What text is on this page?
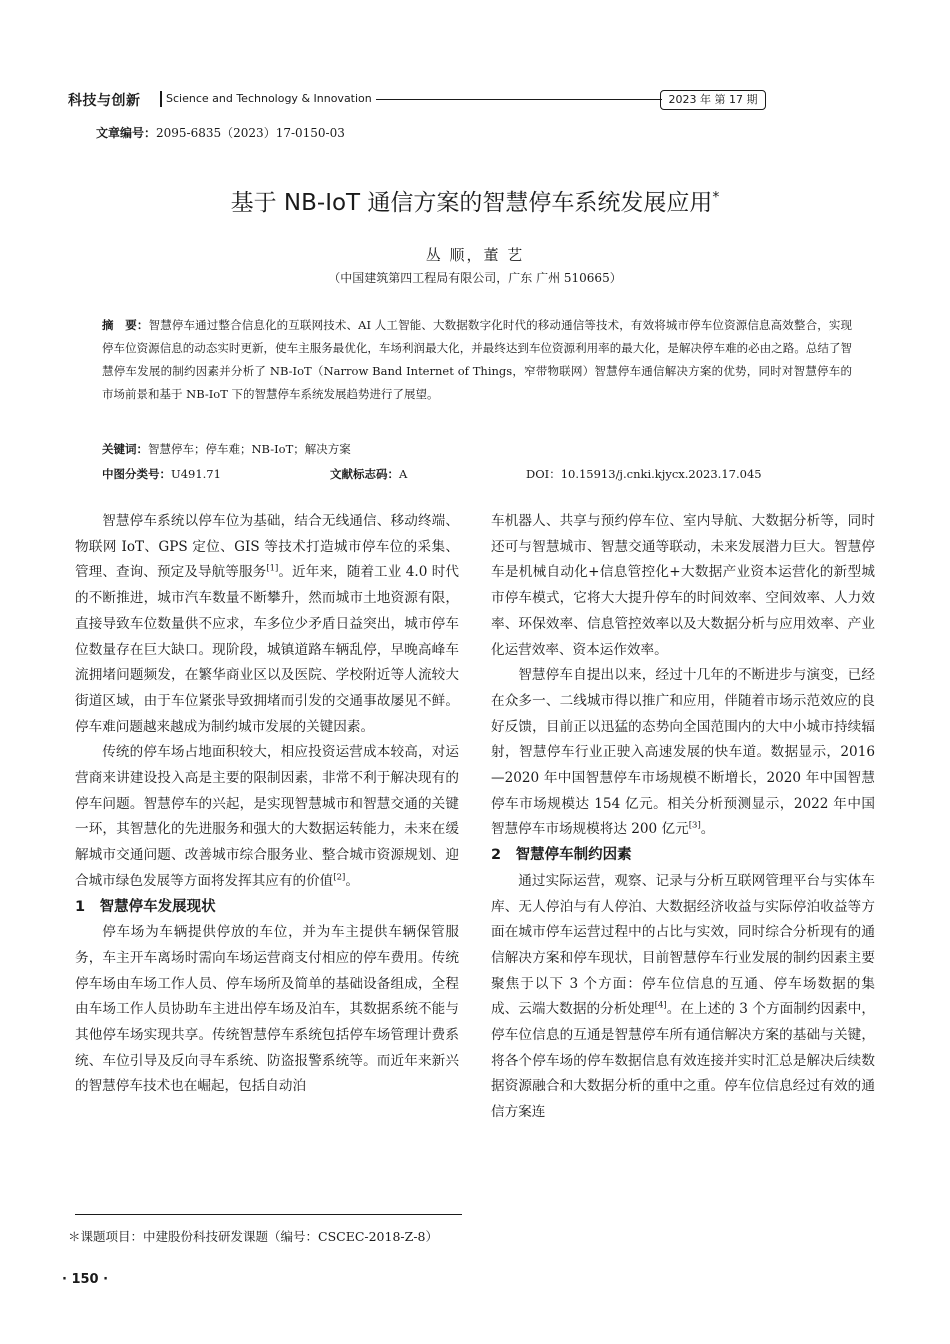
科技与创新 Science and Technology & Innovation	2023 年 第 17 期
文章编号：2095-6835（2023）17-0150-03
基于 NB-IoT 通信方案的智慧停车系统发展应用*
丛 顺，董 艺
（中国建筑第四工程局有限公司，广东 广州 510665）
摘　要：智慧停车通过整合信息化的互联网技术、AI 人工智能、大数据数字化时代的移动通信等技术，有效将城市停车位资源信息高效整合，实现停车位资源信息的动态实时更新，使车主服务最优化，车场利润最大化，并最终达到车位资源利用率的最大化，是解决停车难的必由之路。总结了智慧停车发展的制约因素并分析了 NB-IoT（Narrow Band Internet of Things，窄带物联网）智慧停车通信解决方案的优势，同时对智慧停车的市场前景和基于 NB-IoT 下的智慧停车系统发展趋势进行了展望。
关键词：智慧停车；停车难；NB-IoT；解决方案
中图分类号：U491.71	文献标志码：A	DOI：10.15913/j.cnki.kjycx.2023.17.045

智慧停车系统以停车位为基础，结合无线通信、移动终端、物联网 IoT、GPS 定位、GIS 等技术打造城市停车位的采集、管理、查询、预定及导航等服务[1]。近年来，随着工业 4.0 时代的不断推进，城市汽车数量不断攀升，然而城市土地资源有限，直接导致车位数量供不应求，车多位少矛盾日益突出，城市停车位数量存在巨大缺口。现阶段，城镇道路车辆乱停，早晚高峰车流拥堵问题频发，在繁华商业区以及医院、学校附近等人流较大街道区域，由于车位紧张导致拥堵而引发的交通事故屡见不鲜。停车难问题越来越成为制约城市发展的关键因素。

传统的停车场占地面积较大，相应投资运营成本较高，对运营商来讲建设投入高是主要的限制因素，非常不利于解决现有的停车问题。智慧停车的兴起，是实现智慧城市和智慧交通的关键一环，其智慧化的先进服务和强大的大数据运转能力，未来在缓解城市交通问题、改善城市综合服务业、整合城市资源规划、迎合城市绿色发展等方面将发挥其应有的价值[2]。

1　智慧停车发展现状

停车场为车辆提供停放的车位，并为车主提供车辆保管服务，车主开车离场时需向车场运营商支付相应的停车费用。传统停车场由车场工作人员、停车场所及简单的基础设备组成，全程由车场工作人员协助车主进出停车场及泊车，其数据系统不能与其他停车场实现共享。传统智慧停车系统包括停车场管理计费系统、车位引导及反向寻车系统、防盗报警系统等。而近年来新兴的智慧停车技术也在崛起，包括自动泊

车机器人、共享与预约停车位、室内导航、大数据分析等，同时还可与智慧城市、智慧交通等联动，未来发展潜力巨大。智慧停车是机械自动化+信息管控化+大数据产业资本运营化的新型城市停车模式，它将大大提升停车的时间效率、空间效率、人力效率、环保效率、信息管控效率以及大数据分析与应用效率、产业化运营效率、资本运作效率。

智慧停车自提出以来，经过十几年的不断进步与演变，已经在众多一、二线城市得以推广和应用，伴随着市场示范效应的良好反馈，目前正以迅猛的态势向全国范围内的大中小城市持续辐射，智慧停车行业正驶入高速发展的快车道。数据显示，2016—2020 年中国智慧停车市场规模不断增长，2020 年中国智慧停车市场规模达 154 亿元。相关分析预测显示，2022 年中国智慧停车市场规模将达 200 亿元[3]。

2　智慧停车制约因素

通过实际运营，观察、记录与分析互联网管理平台与实体车库、无人停泊与有人停泊、大数据经济收益与实际停泊收益等方面在城市停车运营过程中的占比与实效，同时综合分析现有的通信解决方案和停车现状，目前智慧停车行业发展的制约因素主要聚焦于以下 3 个方面：停车位信息的互通、停车场数据的集成、云端大数据的分析处理[4]。在上述的 3 个方面制约因素中，停车位信息的互通是智慧停车所有通信解决方案的基础与关键，将各个停车场的停车数据信息有效连接并实时汇总是解决后续数据资源融合和大数据分析的重中之重。停车位信息经过有效的通信方案连

＊课题项目：中建股份科技研发课题（编号：CSCEC-2018-Z-8）
· 150 ·
